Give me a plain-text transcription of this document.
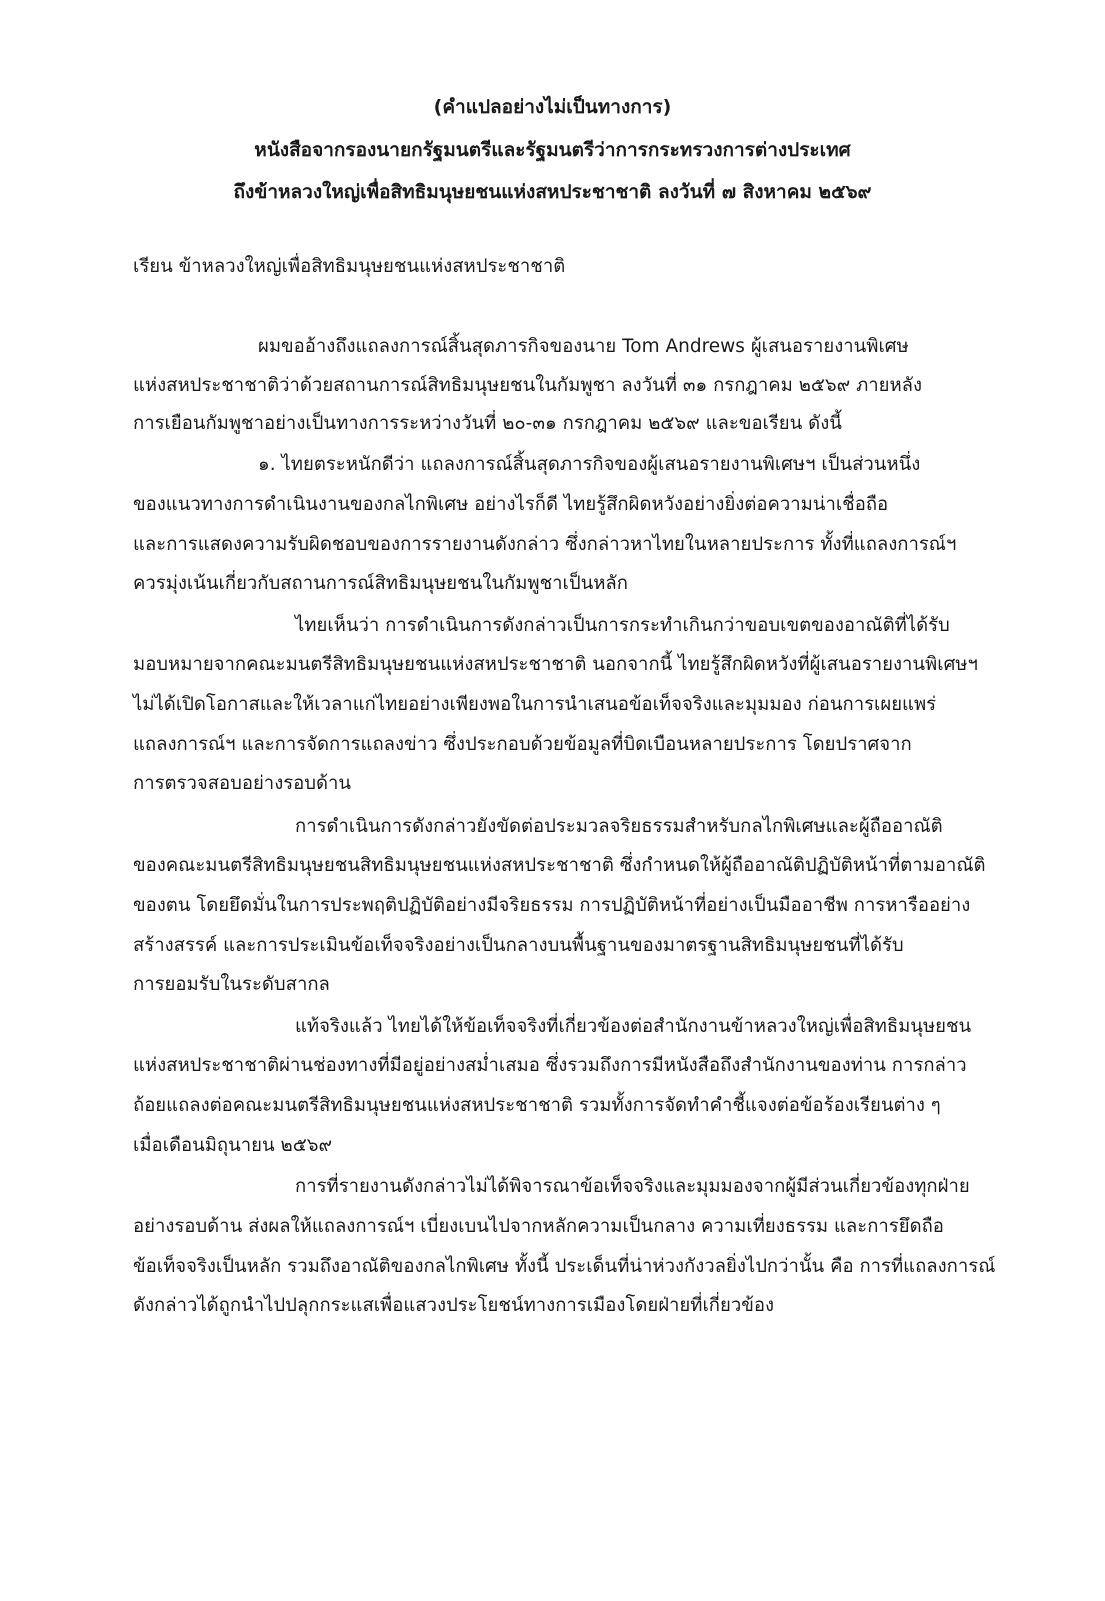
(คำแปลอย่างไม่เป็นทางการ)
หนังสือจากรองนายกรัฐมนตรีและรัฐมนตรีว่าการกระทรวงการต่างประเทศ
ถึงข้าหลวงใหญ่เพื่อสิทธิมนุษยชนแห่งสหประชาชาติ ลงวันที่ ๗ สิงหาคม ๒๕๖๙
เรียน ข้าหลวงใหญ่เพื่อสิทธิมนุษยชนแห่งสหประชาชาติ
ผมขออ้างถึงแถลงการณ์สิ้นสุดภารกิจของนาย Tom Andrews ผู้เสนอรายงานพิเศษ
แห่งสหประชาชาติว่าด้วยสถานการณ์สิทธิมนุษยชนในกัมพูชา ลงวันที่ ๓๑ กรกฎาคม ๒๕๖๙ ภายหลัง
การเยือนกัมพูชาอย่างเป็นทางการระหว่างวันที่ ๒๐-๓๑ กรกฎาคม ๒๕๖๙ และขอเรียน ดังนี้
๑. ไทยตระหนักดีว่า แถลงการณ์สิ้นสุดภารกิจของผู้เสนอรายงานพิเศษฯ เป็นส่วนหนึ่ง
ของแนวทางการดำเนินงานของกลไกพิเศษ อย่างไรก็ดี ไทยรู้สึกผิดหวังอย่างยิ่งต่อความน่าเชื่อถือ
และการแสดงความรับผิดชอบของการรายงานดังกล่าว ซึ่งกล่าวหาไทยในหลายประการ ทั้งที่แถลงการณ์ฯ
ควรมุ่งเน้นเกี่ยวกับสถานการณ์สิทธิมนุษยชนในกัมพูชาเป็นหลัก
ไทยเห็นว่า การดำเนินการดังกล่าวเป็นการกระทำเกินกว่าขอบเขตของอาณัติที่ได้รับ
มอบหมายจากคณะมนตรีสิทธิมนุษยชนแห่งสหประชาชาติ นอกจากนี้ ไทยรู้สึกผิดหวังที่ผู้เสนอรายงานพิเศษฯ
ไม่ได้เปิดโอกาสและให้เวลาแก่ไทยอย่างเพียงพอในการนำเสนอข้อเท็จจริงและมุมมอง ก่อนการเผยแพร่
แถลงการณ์ฯ และการจัดการแถลงข่าว ซึ่งประกอบด้วยข้อมูลที่บิดเบือนหลายประการ โดยปราศจาก
การตรวจสอบอย่างรอบด้าน
การดำเนินการดังกล่าวยังขัดต่อประมวลจริยธรรมสำหรับกลไกพิเศษและผู้ถืออาณัติ
ของคณะมนตรีสิทธิมนุษยชนสิทธิมนุษยชนแห่งสหประชาชาติ ซึ่งกำหนดให้ผู้ถืออาณัติปฏิบัติหน้าที่ตามอาณัติ
ของตน โดยยึดมั่นในการประพฤติปฏิบัติอย่างมีจริยธรรม การปฏิบัติหน้าที่อย่างเป็นมืออาชีพ การหารืออย่าง
สร้างสรรค์ และการประเมินข้อเท็จจริงอย่างเป็นกลางบนพื้นฐานของมาตรฐานสิทธิมนุษยชนที่ได้รับ
การยอมรับในระดับสากล
แท้จริงแล้ว ไทยได้ให้ข้อเท็จจริงที่เกี่ยวข้องต่อสำนักงานข้าหลวงใหญ่เพื่อสิทธิมนุษยชน
แห่งสหประชาชาติผ่านช่องทางที่มีอยู่อย่างสม่ำเสมอ ซึ่งรวมถึงการมีหนังสือถึงสำนักงานของท่าน การกล่าว
ถ้อยแถลงต่อคณะมนตรีสิทธิมนุษยชนแห่งสหประชาชาติ รวมทั้งการจัดทำคำชี้แจงต่อข้อร้องเรียนต่าง ๆ
เมื่อเดือนมิถุนายน ๒๕๖๙
การที่รายงานดังกล่าวไม่ได้พิจารณาข้อเท็จจริงและมุมมองจากผู้มีส่วนเกี่ยวข้องทุกฝ่าย
อย่างรอบด้าน ส่งผลให้แถลงการณ์ฯ เบี่ยงเบนไปจากหลักความเป็นกลาง ความเที่ยงธรรม และการยึดถือ
ข้อเท็จจริงเป็นหลัก รวมถึงอาณัติของกลไกพิเศษ ทั้งนี้ ประเด็นที่น่าห่วงกังวลยิ่งไปกว่านั้น คือ การที่แถลงการณ์
ดังกล่าวได้ถูกนำไปปลุกกระแสเพื่อแสวงประโยชน์ทางการเมืองโดยฝ่ายที่เกี่ยวข้อง
